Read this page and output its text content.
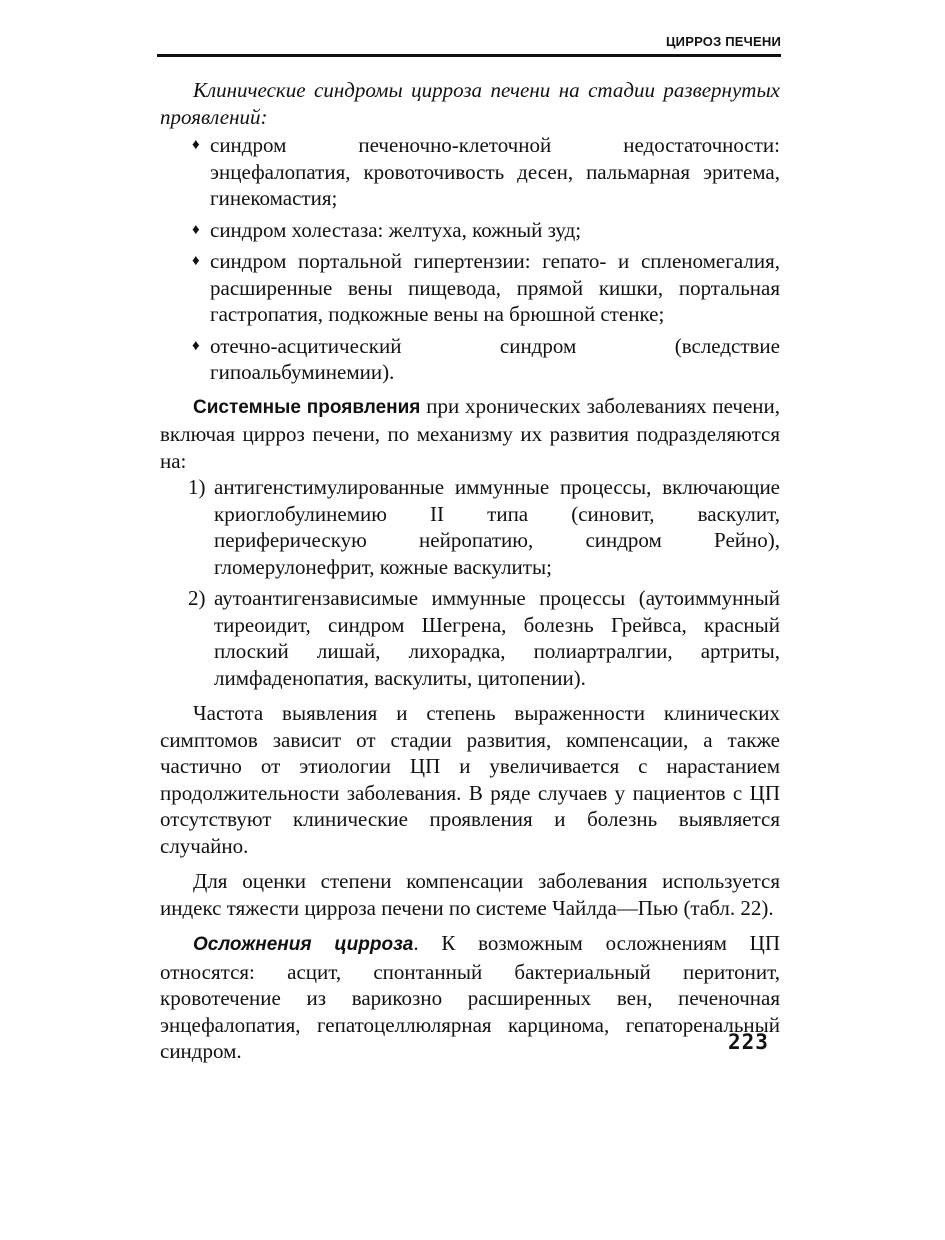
ЦИРРОЗ ПЕЧЕНИ

Клинические синдромы цирроза печени на стадии развернутых проявлений:

♦ синдром печеночно-клеточной недостаточности: энцефалопатия, кровоточивость десен, пальмарная эритема, гинекомастия;
♦ синдром холестаза: желтуха, кожный зуд;
♦ синдром портальной гипертензии: гепато- и спленомегалия, расширенные вены пищевода, прямой кишки, портальная гастропатия, подкожные вены на брюшной стенке;
♦ отечно-асцитический синдром (вследствие гипоальбуминемии).

Системные проявления при хронических заболеваниях печени, включая цирроз печени, по механизму их развития подразделяются на:

1) антигенстимулированные иммунные процессы, включающие криоглобулинемию II типа (синовит, васкулит, периферическую нейропатию, синдром Рейно), гломерулонефрит, кожные васкулиты;
2) аутоантигензависимые иммунные процессы (аутоиммунный тиреоидит, синдром Шегрена, болезнь Грейвса, красный плоский лишай, лихорадка, полиартралгии, артриты, лимфаденопатия, васкулиты, цитопении).

Частота выявления и степень выраженности клинических симптомов зависит от стадии развития, компенсации, а также частично от этиологии ЦП и увеличивается с нарастанием продолжительности заболевания. В ряде случаев у пациентов с ЦП отсутствуют клинические проявления и болезнь выявляется случайно.

Для оценки степени компенсации заболевания используется индекс тяжести цирроза печени по системе Чайлда—Пью (табл. 22).

Осложнения цирроза. К возможным осложнениям ЦП относятся: асцит, спонтанный бактериальный перитонит, кровотечение из варикозно расширенных вен, печеночная энцефалопатия, гепатоцеллюлярная карцинома, гепаторенальный синдром.	223
